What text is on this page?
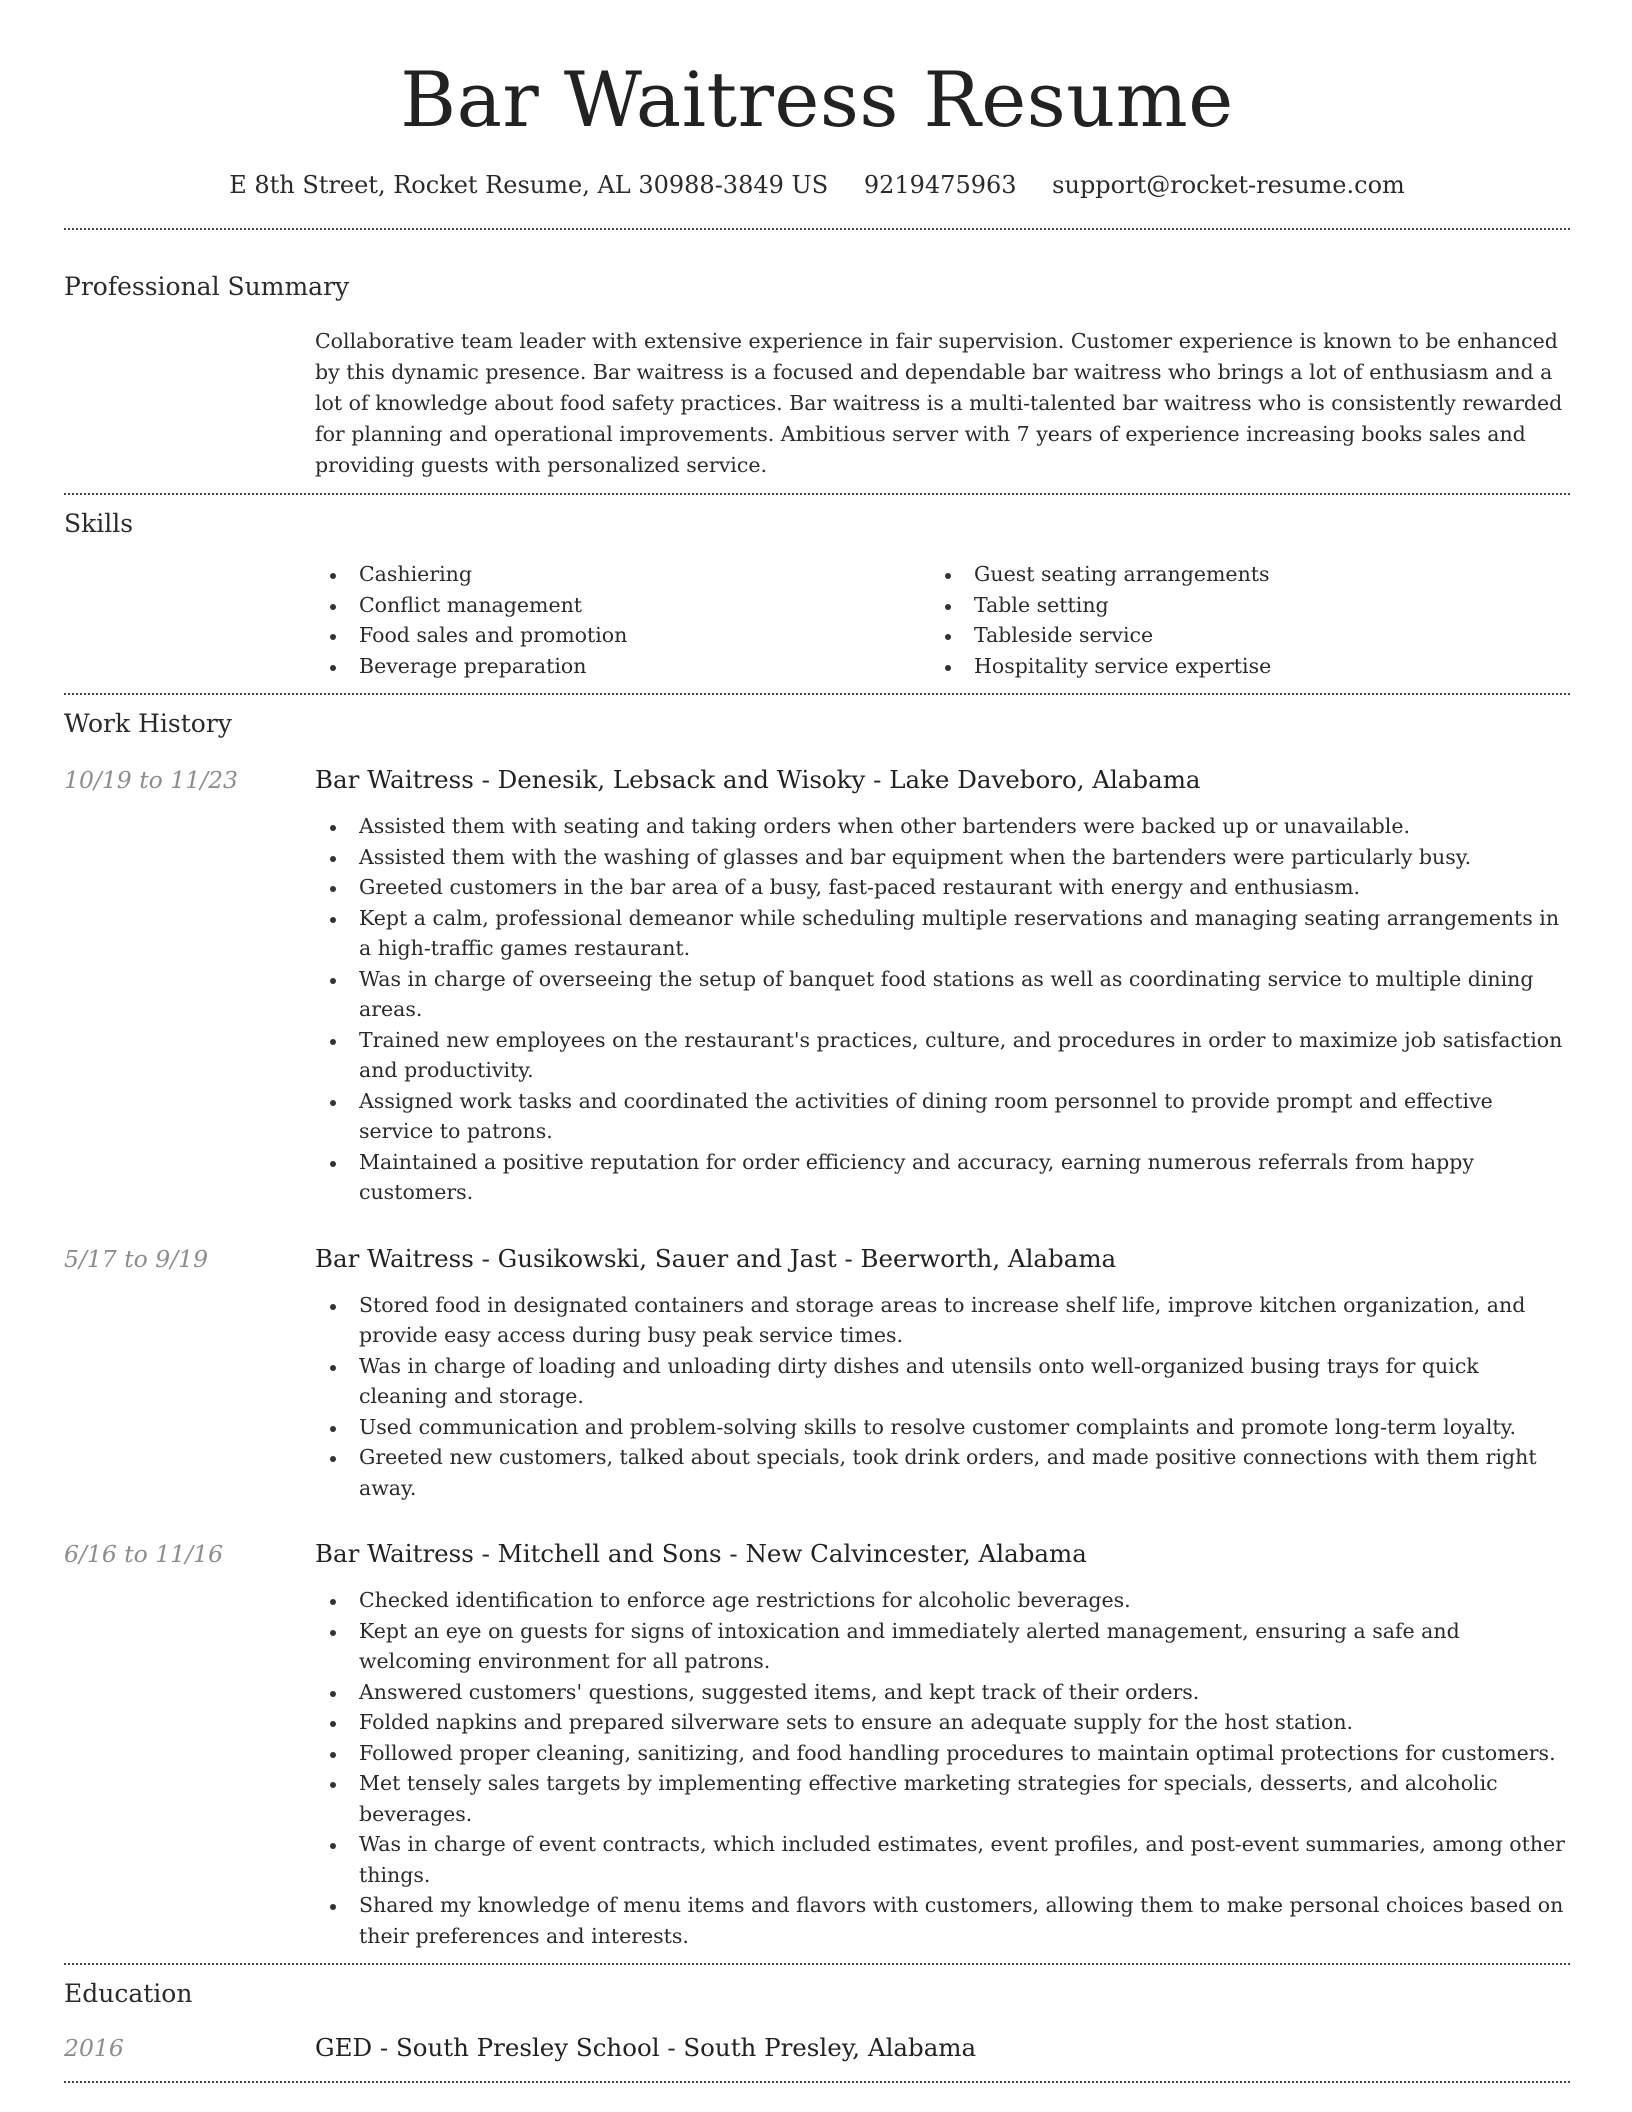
Bar Waitress Resume
E 8th Street, Rocket Resume, AL 30988-3849 US 9219475963 support@rocket-resume.com
Professional Summary
Collaborative team leader with extensive experience in fair supervision. Customer experience is known to be enhanced by this dynamic presence. Bar waitress is a focused and dependable bar waitress who brings a lot of enthusiasm and a lot of knowledge about food safety practices. Bar waitress is a multi-talented bar waitress who is consistently rewarded for planning and operational improvements. Ambitious server with 7 years of experience increasing books sales and providing guests with personalized service.
Skills
Cashiering
Conflict management
Food sales and promotion
Beverage preparation
Guest seating arrangements
Table setting
Tableside service
Hospitality service expertise
Work History
10/19 to 11/23	Bar Waitress - Denesik, Lebsack and Wisoky - Lake Daveboro, Alabama
Assisted them with seating and taking orders when other bartenders were backed up or unavailable.
Assisted them with the washing of glasses and bar equipment when the bartenders were particularly busy.
Greeted customers in the bar area of a busy, fast-paced restaurant with energy and enthusiasm.
Kept a calm, professional demeanor while scheduling multiple reservations and managing seating arrangements in a high-traffic games restaurant.
Was in charge of overseeing the setup of banquet food stations as well as coordinating service to multiple dining areas.
Trained new employees on the restaurant's practices, culture, and procedures in order to maximize job satisfaction and productivity.
Assigned work tasks and coordinated the activities of dining room personnel to provide prompt and effective service to patrons.
Maintained a positive reputation for order efficiency and accuracy, earning numerous referrals from happy customers.
5/17 to 9/19	Bar Waitress - Gusikowski, Sauer and Jast - Beerworth, Alabama
Stored food in designated containers and storage areas to increase shelf life, improve kitchen organization, and provide easy access during busy peak service times.
Was in charge of loading and unloading dirty dishes and utensils onto well-organized busing trays for quick cleaning and storage.
Used communication and problem-solving skills to resolve customer complaints and promote long-term loyalty.
Greeted new customers, talked about specials, took drink orders, and made positive connections with them right away.
6/16 to 11/16	Bar Waitress - Mitchell and Sons - New Calvincester, Alabama
Checked identification to enforce age restrictions for alcoholic beverages.
Kept an eye on guests for signs of intoxication and immediately alerted management, ensuring a safe and welcoming environment for all patrons.
Answered customers' questions, suggested items, and kept track of their orders.
Folded napkins and prepared silverware sets to ensure an adequate supply for the host station.
Followed proper cleaning, sanitizing, and food handling procedures to maintain optimal protections for customers.
Met tensely sales targets by implementing effective marketing strategies for specials, desserts, and alcoholic beverages.
Was in charge of event contracts, which included estimates, event profiles, and post-event summaries, among other things.
Shared my knowledge of menu items and flavors with customers, allowing them to make personal choices based on their preferences and interests.
Education
2016	GED - South Presley School - South Presley, Alabama
